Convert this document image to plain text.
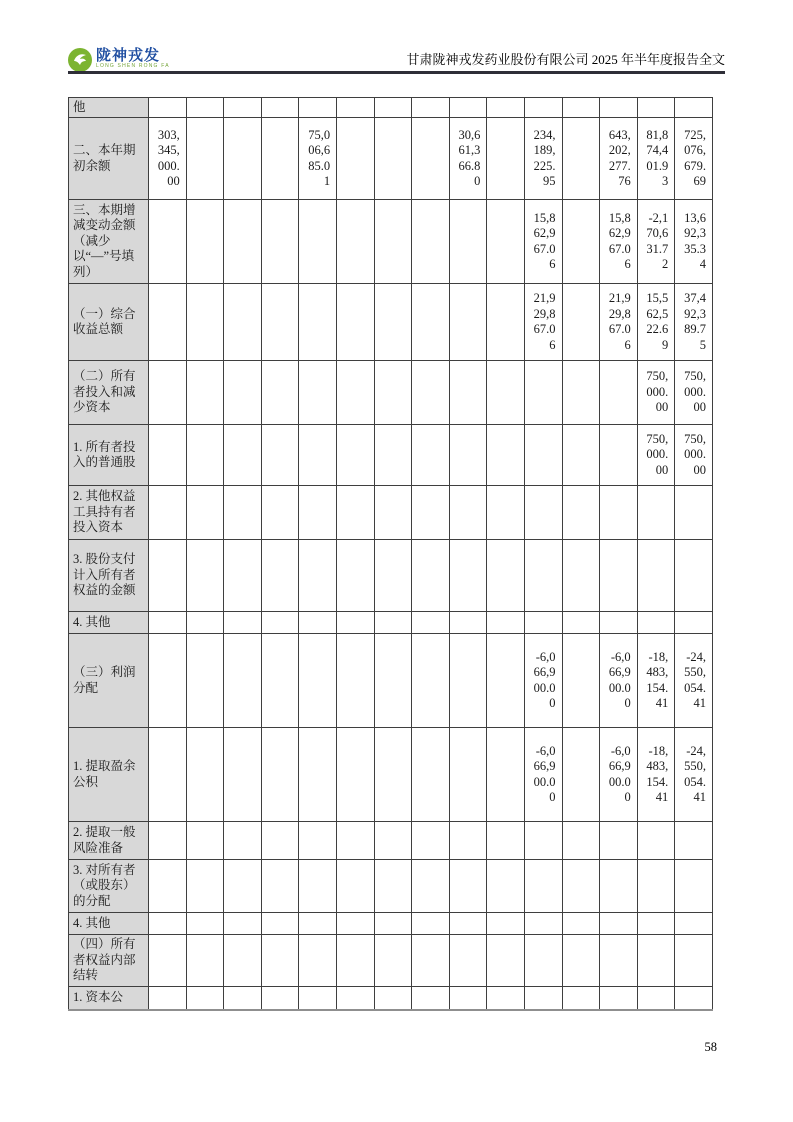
陇神戎发
LONG SHEN RONG FA	甘肃陇神戎发药业股份有限公司 2025 年半年度报告全文
他															
二、本年期初余额	303,345,000.00				75,006,685.01				30,661,366.80		234,189,225.95		643,202,277.76	81,874,401.93	725,076,679.69
三、本期增减变动金额（减少以“—”号填列）											15,862,967.06		15,862,967.06	-2,170,631.72	13,692,335.34
（一）综合收益总额											21,929,867.06		21,929,867.06	15,562,522.69	37,492,389.75
（二）所有者投入和减少资本														750,000.00	750,000.00
1. 所有者投入的普通股														750,000.00	750,000.00
2. 其他权益工具持有者投入资本															
3. 股份支付计入所有者权益的金额															
4. 其他															
（三）利润分配											-6,066,900.00		-6,066,900.00	-18,483,154.41	-24,550,054.41
1. 提取盈余公积											-6,066,900.00		-6,066,900.00	-18,483,154.41	-24,550,054.41
2. 提取一般风险准备															
3. 对所有者（或股东）的分配															
4. 其他															
（四）所有者权益内部结转															
1. 资本公															
58
